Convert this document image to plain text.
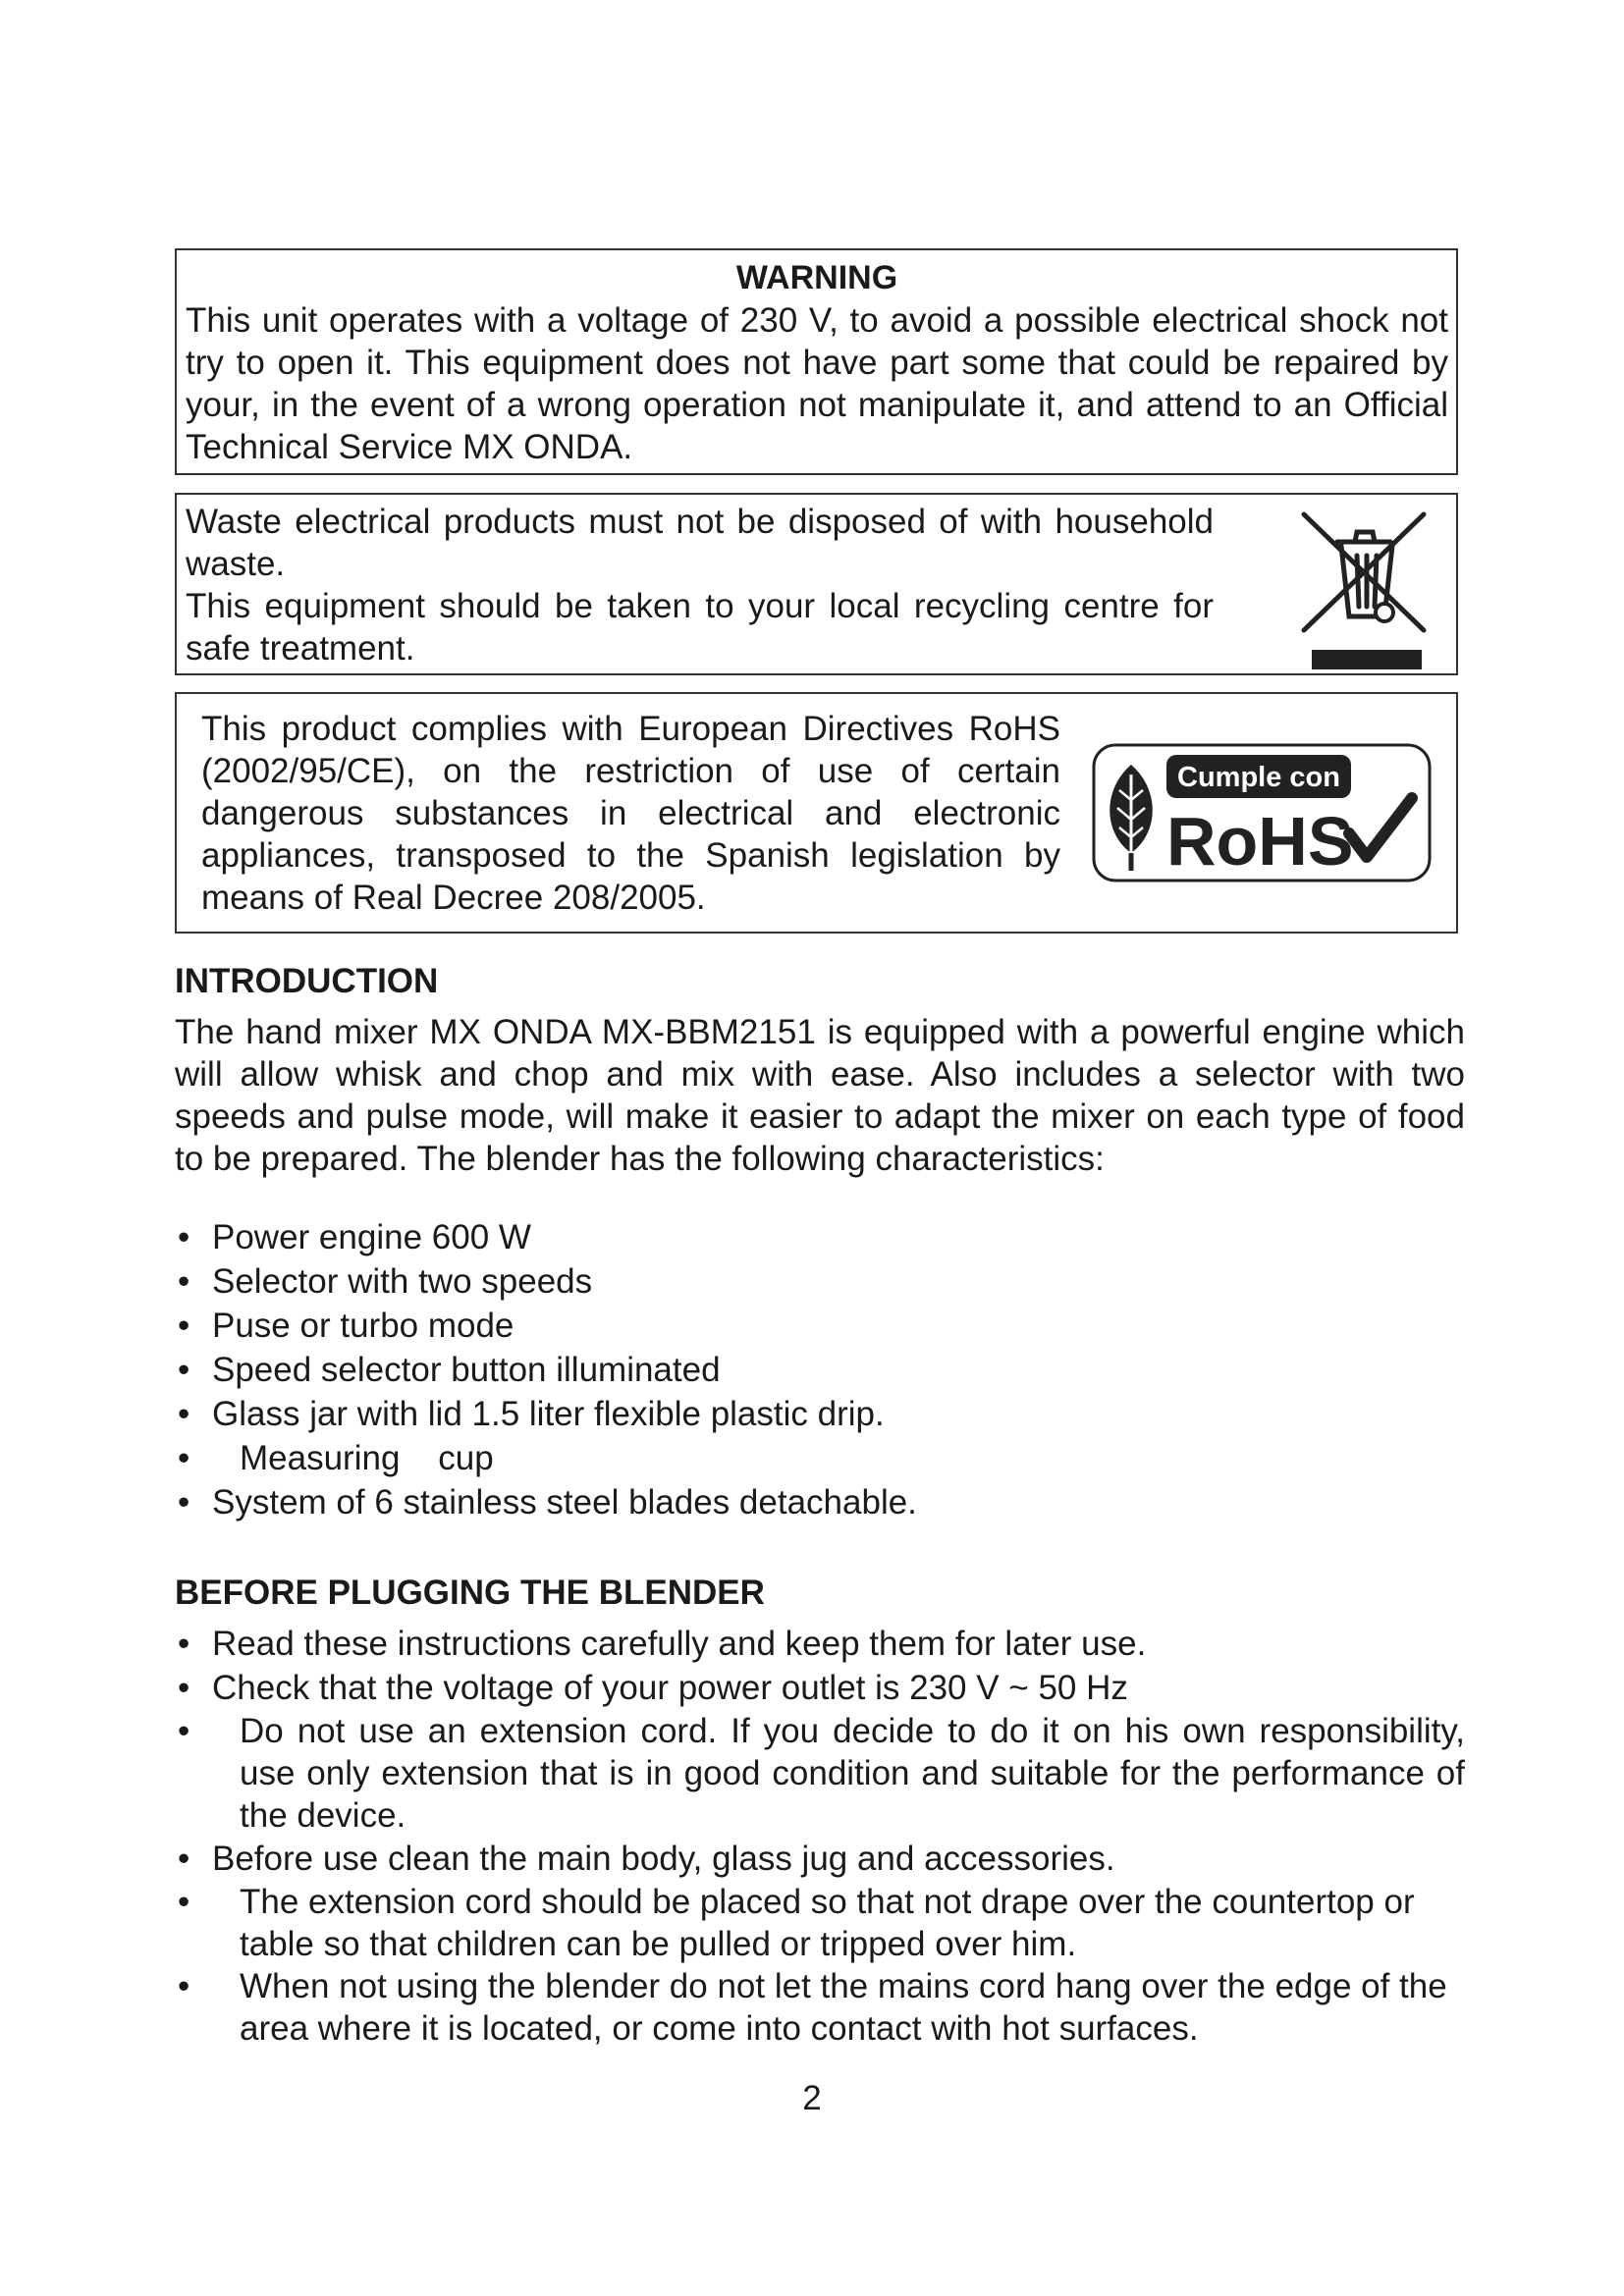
WARNING
This unit operates with a voltage of 230 V, to avoid a possible electrical shock not try to open it. This equipment does not have part some that could be repaired by your, in the event of a wrong operation not manipulate it, and attend to an Official Technical Service MX ONDA.
Waste electrical products must not be disposed of with household waste.
This equipment should be taken to your local recycling centre for safe treatment.
This product complies with European Directives RoHS (2002/95/CE), on the restriction of use of certain dangerous substances in electrical and electronic appliances, transposed to the Spanish legislation by means of Real Decree 208/2005.
Cumple con
RoHS
INTRODUCTION

The hand mixer MX ONDA MX-BBM2151 is equipped with a powerful engine which will allow whisk and chop and mix with ease. Also includes a selector with two speeds and pulse mode, will make it easier to adapt the mixer on each type of food to be prepared. The blender has the following characteristics:

• Power engine 600 W
• Selector with two speeds
• Puse or turbo mode
• Speed selector button illuminated
• Glass jar with lid 1.5 liter flexible plastic drip.
• Measuring    cup
• System of 6 stainless steel blades detachable.
BEFORE PLUGGING THE BLENDER
• Read these instructions carefully and keep them for later use.
• Check that the voltage of your power outlet is 230 V ~ 50 Hz
• Do not use an extension cord. If you decide to do it on his own responsibility, use only extension that is in good condition and suitable for the performance of the device.
• Before use clean the main body, glass jug and accessories.
• The extension cord should be placed so that not drape over the countertop or table so that children can be pulled or tripped over him.
• When not using the blender do not let the mains cord hang over the edge of the area where it is located, or come into contact with hot surfaces.

2
